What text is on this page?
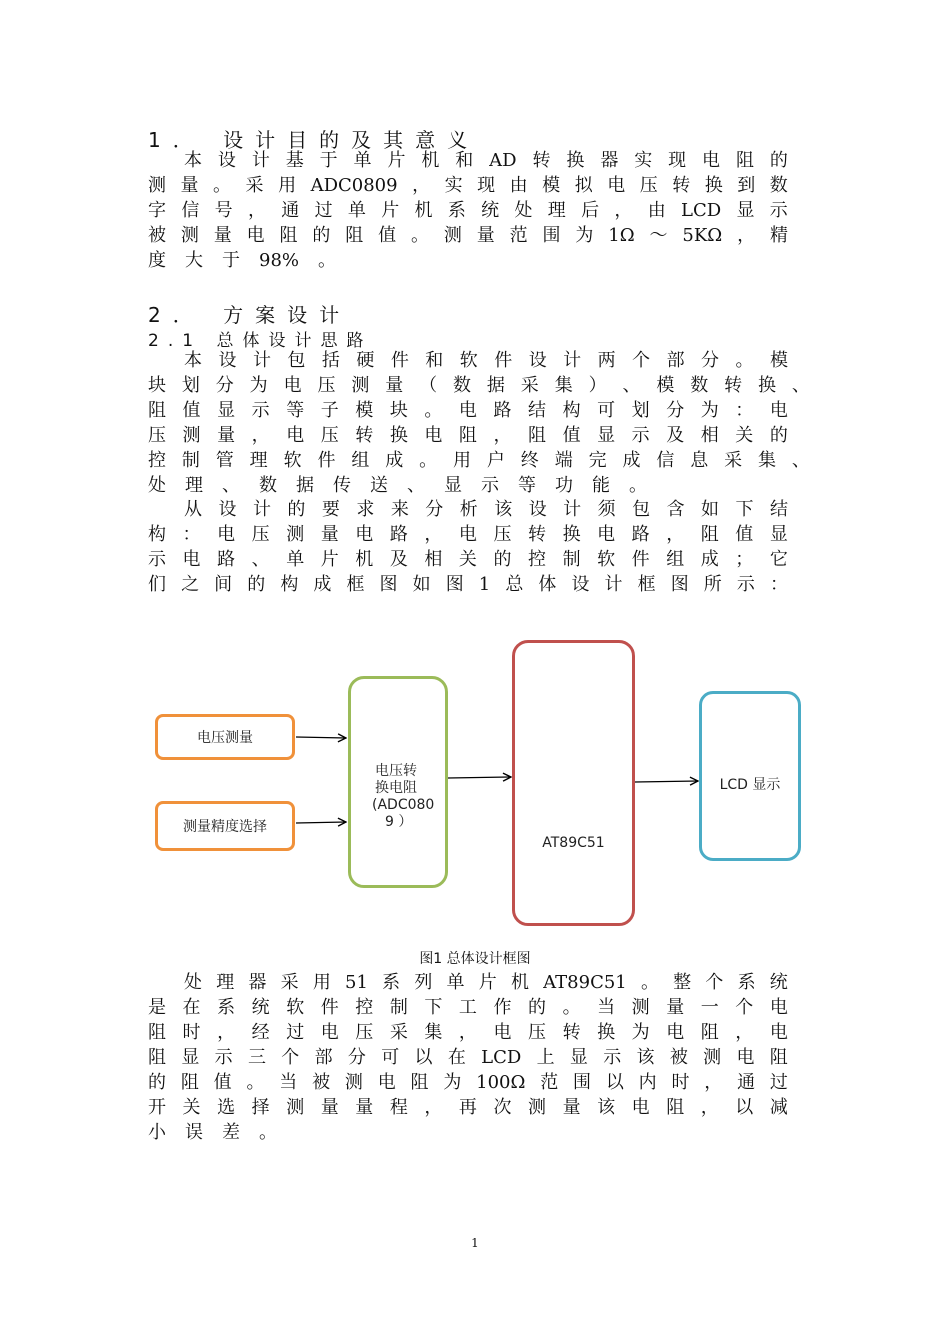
1． 设计目的及其意义
本 设 计 基 于 单 片 机 和 AD 转 换 器 实 现 电 阻 的
测 量 。 采 用 ADC0809 ， 实 现 由 模 拟 电 压 转 换 到 数
字 信 号 ， 通 过 单 片 机 系 统 处 理 后 ， 由 LCD 显 示
被 测 量 电 阻 的 阻 值 。 测 量 范 围 为 1Ω ～ 5KΩ ， 精
度 大 于 98% 。
2． 方案设计
2.1 总体设计思路
本 设 计 包 括 硬 件 和 软 件 设 计 两 个 部 分 。 模
块 划 分 为 电 压 测 量 （ 数 据 采 集 ） 、 模 数 转 换 、
阻 值 显 示 等 子 模 块 。 电 路 结 构 可 划 分 为 ： 电
压 测 量 ， 电 压 转 换 电 阻 ， 阻 值 显 示 及 相 关 的
控 制 管 理 软 件 组 成 。 用 户 终 端 完 成 信 息 采 集 、
处 理 、 数 据 传 送 、 显 示 等 功 能 。
从 设 计 的 要 求 来 分 析 该 设 计 须 包 含 如 下 结
构 ： 电 压 测 量 电 路 ， 电 压 转 换 电 路 ， 阻 值 显
示 电 路 、 单 片 机 及 相 关 的 控 制 软 件 组 成 ； 它
们 之 间 的 构 成 框 图 如 图 1 总 体 设 计 框 图 所 示 ：
电压测量
测量精度选择
电压转
换电阻
(ADC080
9 ）
AT89C51
LCD 显示
图1 总体设计框图
处 理 器 采 用 51 系 列 单 片 机 AT89C51 。 整 个 系 统
是 在 系 统 软 件 控 制 下 工 作 的 。 当 测 量 一 个 电
阻 时 ， 经 过 电 压 采 集 ， 电 压 转 换 为 电 阻 ， 电
阻 显 示 三 个 部 分 可 以 在 LCD 上 显 示 该 被 测 电 阻
的 阻 值 。 当 被 测 电 阻 为 100Ω 范 围 以 内 时 ， 通 过
开 关 选 择 测 量 量 程 ， 再 次 测 量 该 电 阻 ， 以 减
小 误 差 。
1
